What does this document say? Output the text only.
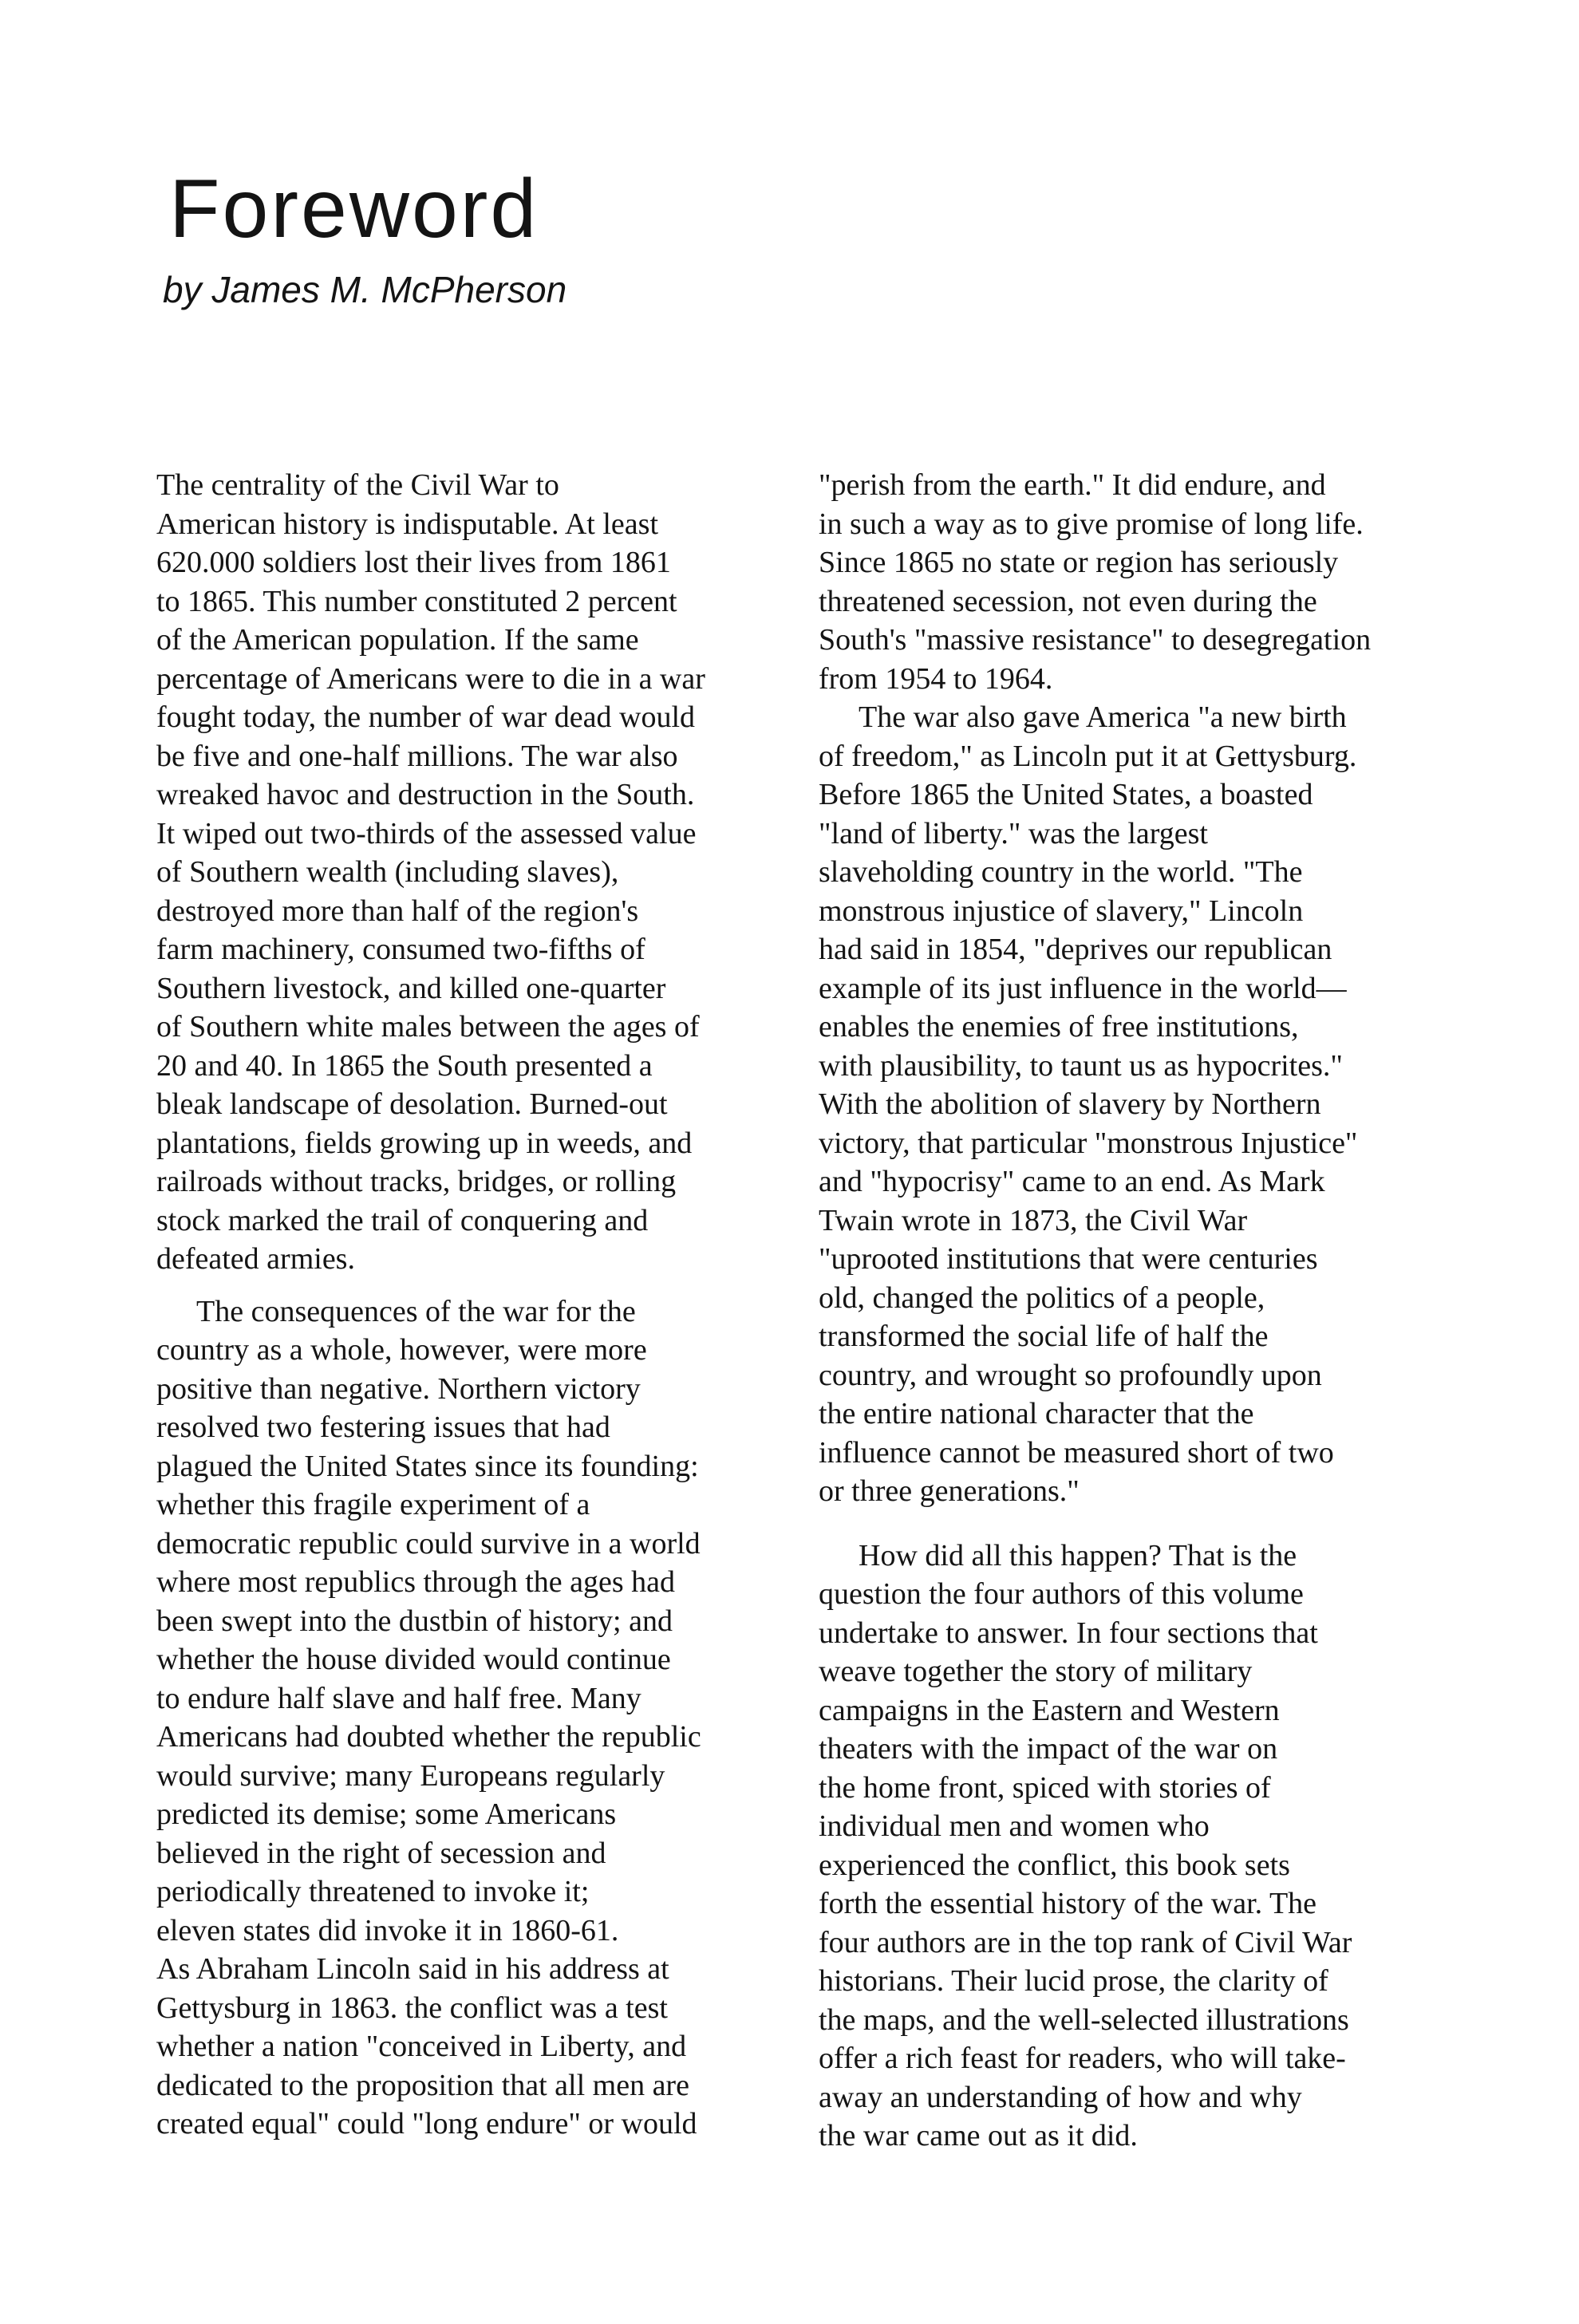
Foreword
by James M. McPherson
The centrality of the Civil War to
American history is indisputable. At least
620.000 soldiers lost their lives from 1861
to 1865. This number constituted 2 percent
of the American population. If the same
percentage of Americans were to die in a war
fought today, the number of war dead would
be five and one-half millions. The war also
wreaked havoc and destruction in the South.
It wiped out two-thirds of the assessed value
of Southern wealth (including slaves),
destroyed more than half of the region's
farm machinery, consumed two-fifths of
Southern livestock, and killed one-quarter
of Southern white males between the ages of
20 and 40. In 1865 the South presented a
bleak landscape of desolation. Burned-out
plantations, fields growing up in weeds, and
railroads without tracks, bridges, or rolling
stock marked the trail of conquering and
defeated armies.
The consequences of the war for the
country as a whole, however, were more
positive than negative. Northern victory
resolved two festering issues that had
plagued the United States since its founding:
whether this fragile experiment of a
democratic republic could survive in a world
where most republics through the ages had
been swept into the dustbin of history; and
whether the house divided would continue
to endure half slave and half free. Many
Americans had doubted whether the republic
would survive; many Europeans regularly
predicted its demise; some Americans
believed in the right of secession and
periodically threatened to invoke it;
eleven states did invoke it in 1860-61.
As Abraham Lincoln said in his address at
Gettysburg in 1863. the conflict was a test
whether a nation "conceived in Liberty, and
dedicated to the proposition that all men are
created equal" could "long endure" or would
"perish from the earth." It did endure, and
in such a way as to give promise of long life.
Since 1865 no state or region has seriously
threatened secession, not even during the
South's "massive resistance" to desegregation
from 1954 to 1964.
The war also gave America "a new birth
of freedom," as Lincoln put it at Gettysburg.
Before 1865 the United States, a boasted
"land of liberty." was the largest
slaveholding country in the world. "The
monstrous injustice of slavery," Lincoln
had said in 1854, "deprives our republican
example of its just influence in the world—
enables the enemies of free institutions,
with plausibility, to taunt us as hypocrites."
With the abolition of slavery by Northern
victory, that particular "monstrous Injustice"
and "hypocrisy" came to an end. As Mark
Twain wrote in 1873, the Civil War
"uprooted institutions that were centuries
old, changed the politics of a people,
transformed the social life of half the
country, and wrought so profoundly upon
the entire national character that the
influence cannot be measured short of two
or three generations."
How did all this happen? That is the
question the four authors of this volume
undertake to answer. In four sections that
weave together the story of military
campaigns in the Eastern and Western
theaters with the impact of the war on
the home front, spiced with stories of
individual men and women who
experienced the conflict, this book sets
forth the essential history of the war. The
four authors are in the top rank of Civil War
historians. Their lucid prose, the clarity of
the maps, and the well-selected illustrations
offer a rich feast for readers, who will take-
away an understanding of how and why
the war came out as it did.
